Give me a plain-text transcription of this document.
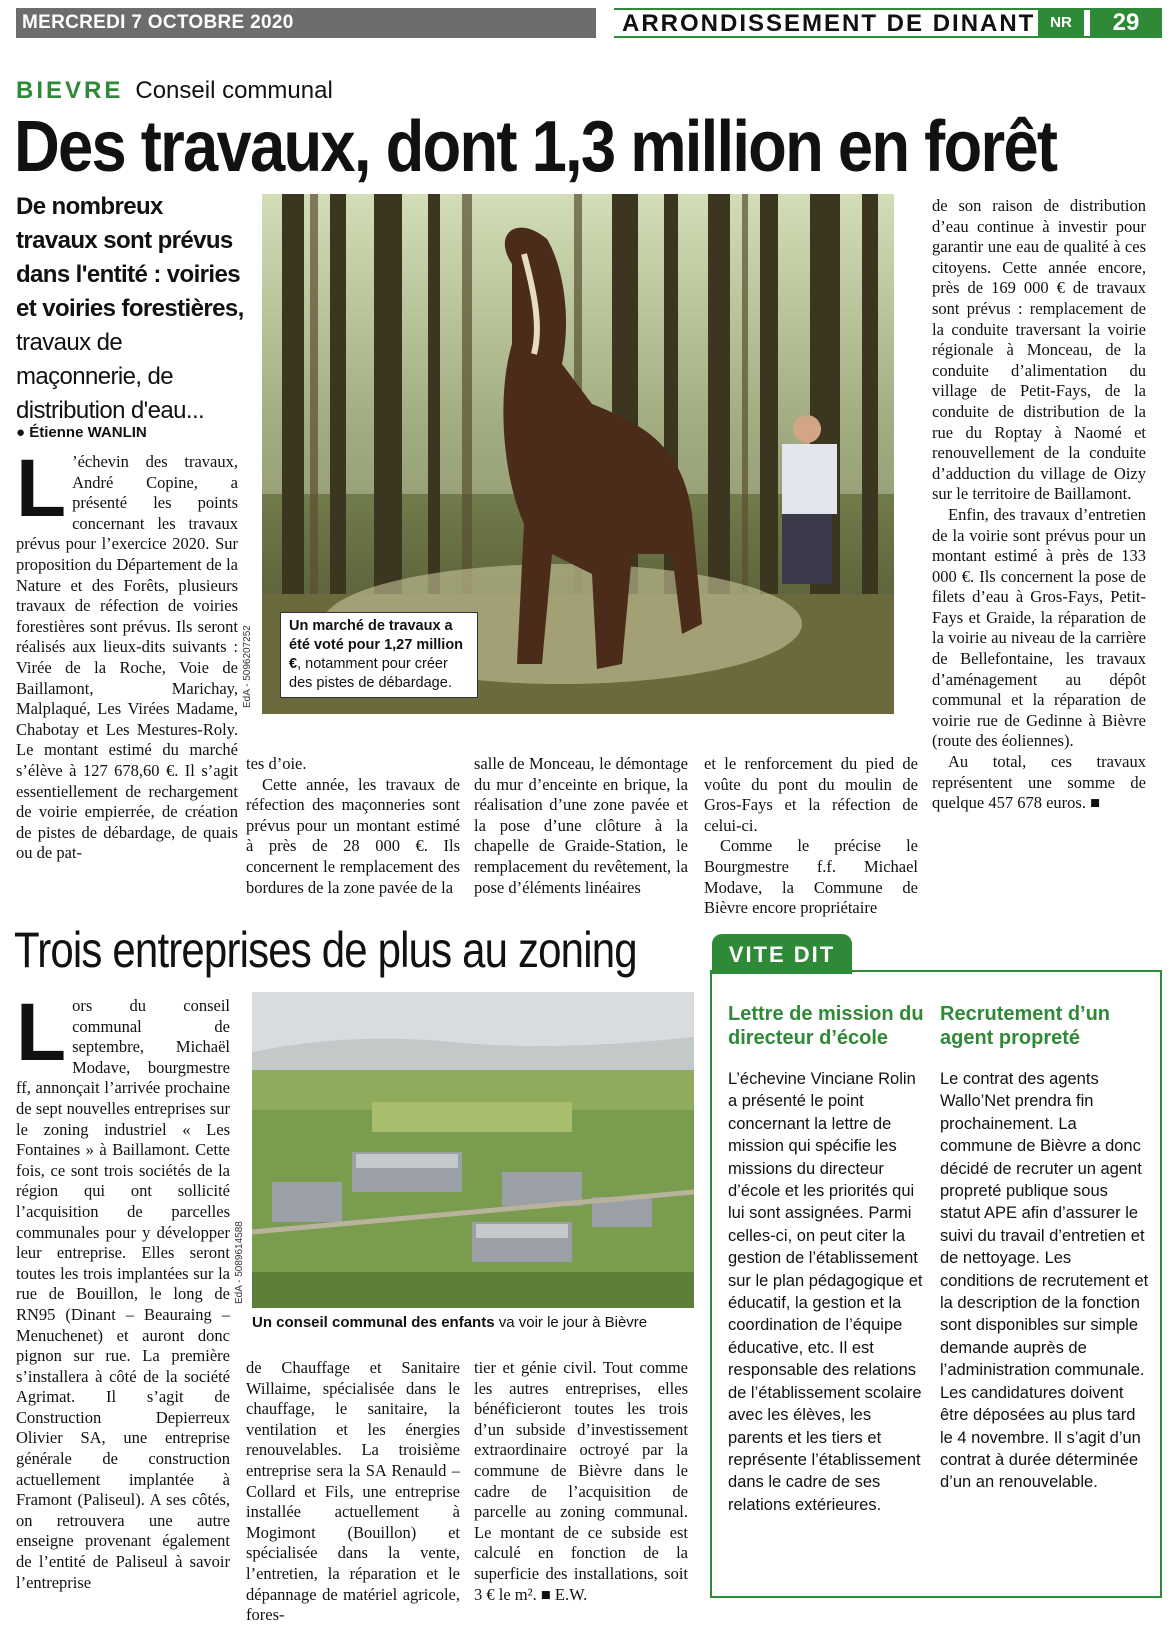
MERCREDI 7 OCTOBRE 2020	ARRONDISSEMENT DE DINANT NR	29
BIEVRE Conseil communal
Des travaux, dont 1,3 million en forêt
De nombreux travaux sont prévus dans l'entité : voiries et voiries forestières, travaux de maçonnerie, de distribution d'eau...
● Étienne WANLIN

L ’échevin des travaux, André Copine, a présenté les points concernant les travaux prévus pour l’exercice 2020. Sur proposition du Département de la Nature et des Forêts, plusieurs travaux de réfection de voiries forestières sont prévus. Ils seront réalisés aux lieux-dits suivants : Virée de la Roche, Voie de Baillamont, Marichay, Malplaqué, Les Virées Madame, Chabotay et Les Mestures-Roly. Le montant estimé du marché s’élève à 127 678,60 €. Il s’agit essentiellement de rechargement de voirie empierrée, de création de pistes de débardage, de quais ou de pat-

EdA - 5096207252	Un marché de travaux a été voté pour 1,27 million €, notamment pour créer des pistes de débardage.

tes d’oie.

Cette année, les travaux de réfection des maçonneries sont prévus pour un montant estimé à près de 28 000 €. Ils concernent le remplacement des bordures de la zone pavée de la

salle de Monceau, le démontage du mur d’enceinte en brique, la réalisation d’une zone pavée et la pose d’une clôture à la chapelle de Graide-Station, le remplacement du revêtement, la pose d’éléments linéaires

et le renforcement du pied de voûte du pont du moulin de Gros-Fays et la réfection de celui-ci.

Comme le précise le Bourgmestre f.f. Michael Modave, la Commune de Bièvre encore propriétaire

de son raison de distribution d’eau continue à investir pour garantir une eau de qualité à ces citoyens. Cette année encore, près de 169 000 € de travaux sont prévus : remplacement de la conduite traversant la voirie régionale à Monceau, de la conduite d’alimentation du village de Petit-Fays, de la conduite de distribution de la rue du Roptay à Naomé et renouvellement de la conduite d’adduction du village de Oizy sur le territoire de Baillamont.

Enfin, des travaux d’entretien de la voirie sont prévus pour un montant estimé à près de 133 000 €. Ils concernent la pose de filets d’eau à Gros-Fays, Petit-Fays et Graide, la réparation de la voirie au niveau de la carrière de Bellefontaine, les travaux d’aménagement au dépôt communal et la réparation de voirie rue de Gedinne à Bièvre (route des éoliennes).

Au total, ces travaux représentent une somme de quelque 457 678 euros. ■

Trois entreprises de plus au zoning

Lors du conseil communal de septembre, Michaël Modave, bourgmestre ff, annonçait l’arrivée prochaine de sept nouvelles entreprises sur le zoning industriel « Les Fontaines » à Baillamont. Cette fois, ce sont trois sociétés de la région qui ont sollicité l’acquisition de parcelles communales pour y développer leur entreprise. Elles seront toutes les trois implantées sur la rue de Bouillon, le long de RN95 (Dinant – Beauraing – Menuchenet) et auront donc pignon sur rue. La première s’installera à côté de la société Agrimat. Il s’agit de Construction Depierreux Olivier SA, une entreprise générale de construction actuellement implantée à Framont (Paliseul). A ses côtés, on retrouvera une autre enseigne provenant également de l’entité de Paliseul à savoir l’entreprise

EdA - 5089614588
Un conseil communal des enfants va voir le jour à Bièvre

de Chauffage et Sanitaire Willaime, spécialisée dans le chauffage, le sanitaire, la ventilation et les énergies renouvelables. La troisième entreprise sera la SA Renauld – Collard et Fils, une entreprise installée actuellement à Mogimont (Bouillon) et spécialisée dans la vente, l’entretien, la réparation et le dépannage de matériel agricole, fores-

tier et génie civil. Tout comme les autres entreprises, elles bénéficieront toutes les trois d’un subside d’investissement extraordinaire octroyé par la commune de Bièvre dans le cadre de l’acquisition de parcelle au zoning communal. Le montant de ce subside est calculé en fonction de la superficie des installations, soit 3 € le m². ■ E.W.

VITE DIT
Lettre de mission du directeur d’école
L’échevine Vinciane Rolin a présenté le point concernant la lettre de mission qui spécifie les missions du directeur d’école et les priorités qui lui sont assignées. Parmi celles-ci, on peut citer la gestion de l’établissement sur le plan pédagogique et éducatif, la gestion et la coordination de l’équipe éducative, etc. Il est responsable des relations de l’établissement scolaire avec les élèves, les parents et les tiers et représente l’établissement dans le cadre de ses relations extérieures.
Recrutement d’un agent propreté
Le contrat des agents Wallo’Net prendra fin prochainement. La commune de Bièvre a donc décidé de recruter un agent propreté publique sous statut APE afin d’assurer le suivi du travail d’entretien et de nettoyage. Les conditions de recrutement et la description de la fonction sont disponibles sur simple demande auprès de l’administration communale. Les candidatures doivent être déposées au plus tard le 4 novembre. Il s’agit d’un contrat à durée déterminée d’un an renouvelable.
